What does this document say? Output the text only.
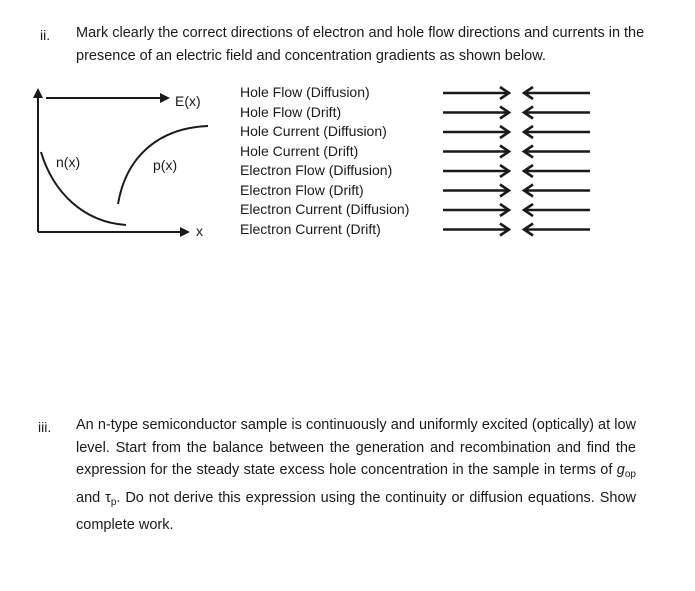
ii. Mark clearly the correct directions of electron and hole flow directions and currents in the presence of an electric field and concentration gradients as shown below.
E(x)
n(x)	p(x)
x
Hole Flow (Diffusion)
Hole Flow (Drift)
Hole Current (Diffusion)
Hole Current (Drift)
Electron Flow (Diffusion)
Electron Flow (Drift)
Electron Current (Diffusion)
Electron Current (Drift)
iii. An n-type semiconductor sample is continuously and uniformly excited (optically) at low level. Start from the balance between the generation and recombination and find the expression for the steady state excess hole concentration in the sample in terms of $g_{op}$ and $\tau_p$. Do not derive this expression using the continuity or diffusion equations. Show complete work.
